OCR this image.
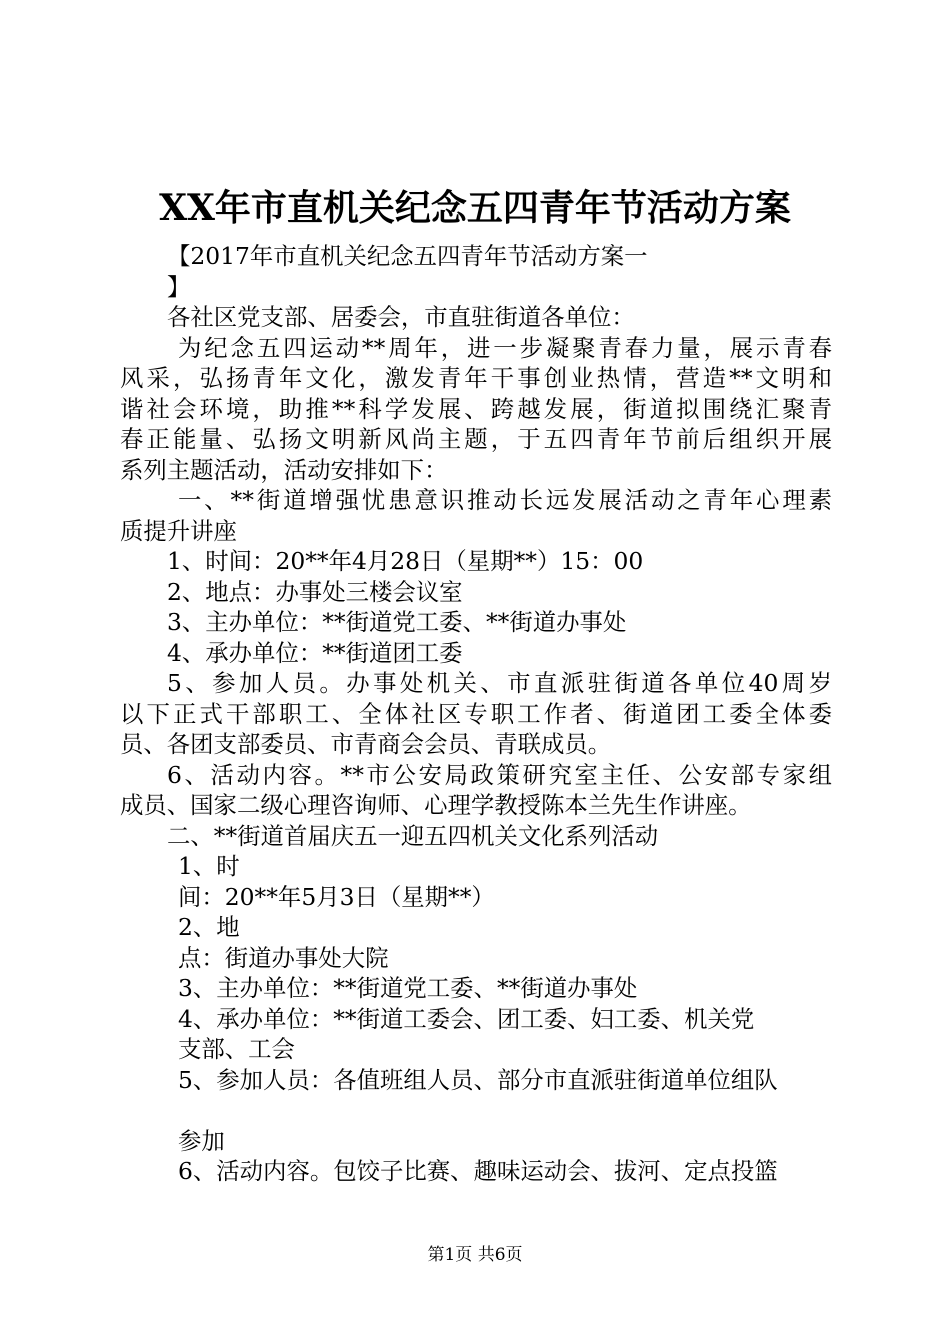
XX年市直机关纪念五四青年节活动方案
【2017年市直机关纪念五四青年节活动方案一
】
各社区党支部、居委会，市直驻街道各单位：
为纪念五四运动**周年，进一步凝聚青春力量，展示青春
风采，弘扬青年文化，激发青年干事创业热情，营造**文明和
谐社会环境，助推**科学发展、跨越发展，街道拟围绕汇聚青
春正能量、弘扬文明新风尚主题，于五四青年节前后组织开展
系列主题活动，活动安排如下：
一、**街道增强忧患意识推动长远发展活动之青年心理素
质提升讲座
1、时间：20**年4月28日（星期**）15：00
2、地点：办事处三楼会议室
3、主办单位：**街道党工委、**街道办事处
4、承办单位：**街道团工委
5、参加人员。办事处机关、市直派驻街道各单位40周岁
以下正式干部职工、全体社区专职工作者、街道团工委全体委
员、各团支部委员、市青商会会员、青联成员。
6、活动内容。**市公安局政策研究室主任、公安部专家组
成员、国家二级心理咨询师、心理学教授陈本兰先生作讲座。
二、**街道首届庆五一迎五四机关文化系列活动
1、时
间：20**年5月3日（星期**）
2、地
点：街道办事处大院
3、主办单位：**街道党工委、**街道办事处
4、承办单位：**街道工委会、团工委、妇工委、机关党
支部、工会
5、参加人员：各值班组人员、部分市直派驻街道单位组队
参加
6、活动内容。包饺子比赛、趣味运动会、拔河、定点投篮
第1页 共6页
